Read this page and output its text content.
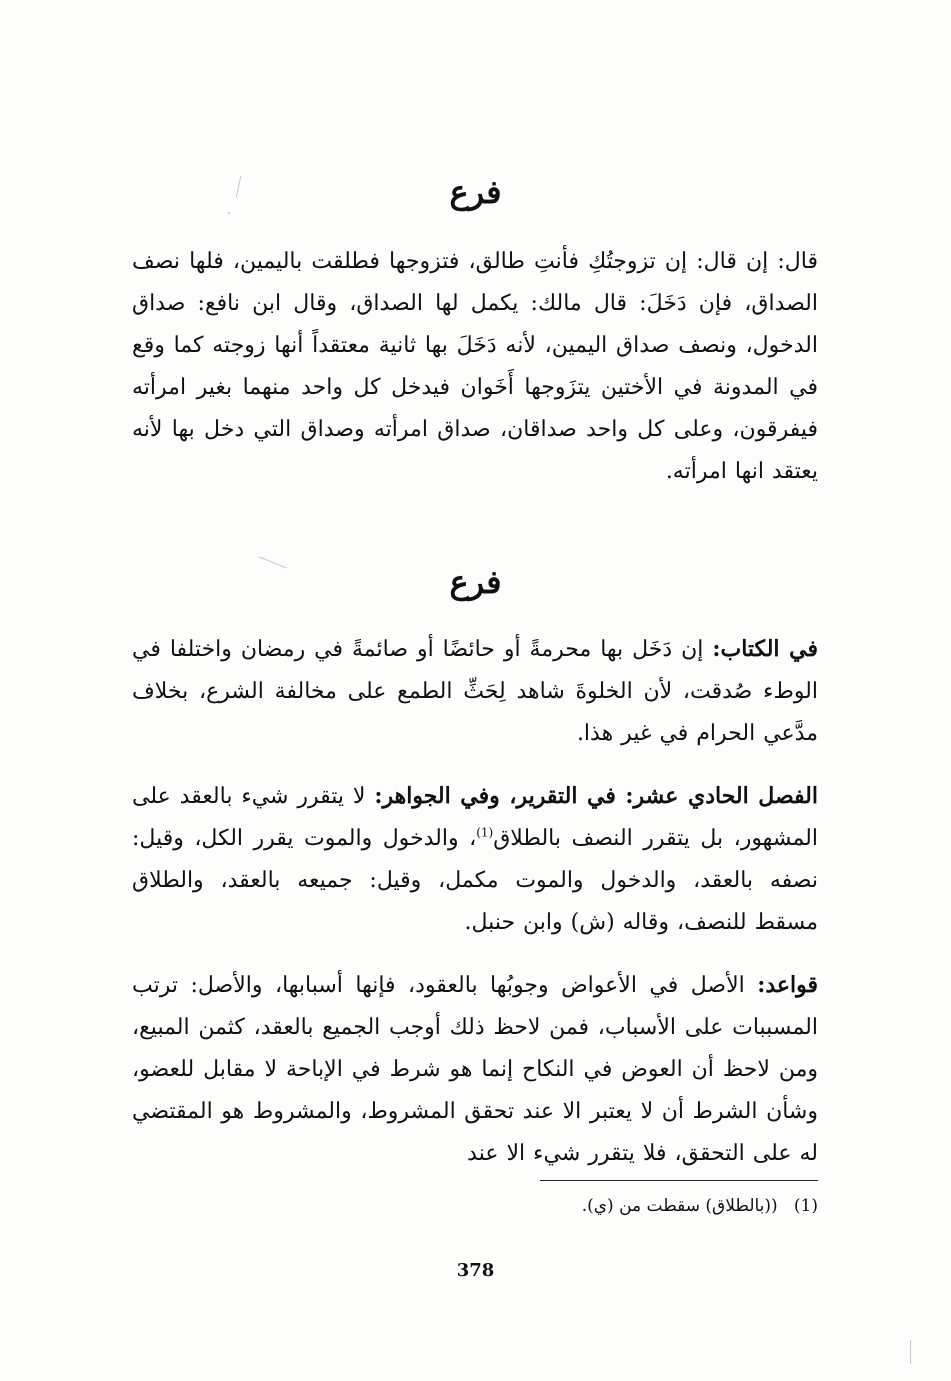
فرع

قال: إن قال: إن تزوجتُكِ فأنتِ طالق، فتزوجها فطلقت باليمين، فلها نصف الصداق، فإن دَخَلَ: قال مالك: يكمل لها الصداق، وقال ابن نافع: صداق الدخول، ونصف صداق اليمين، لأنه دَخَلَ بها ثانية معتقداً أنها زوجته كما وقع في المدونة في الأختين يتزَوجها أَخَوان فيدخل كل واحد منهما بغير امرأته فيفرقون، وعلى كل واحد صداقان، صداق امرأته وصداق التي دخل بها لأنه يعتقد انها امرأته.

فرع

في الكتاب: إن دَخَل بها محرمةً أو حائضًا أو صائمةً في رمضان واختلفا في الوطء صُدقت، لأن الخلوةَ شاهد لِحَثِّ الطمع على مخالفة الشرع، بخلاف مدَّعي الحرام في غير هذا.

الفصل الحادي عشر: في التقرير، وفي الجواهر: لا يتقرر شيء بالعقد على المشهور، بل يتقرر النصف بالطلاق$^{(1)}$، والدخول والموت يقرر الكل، وقيل: نصفه بالعقد، والدخول والموت مكمل، وقيل: جميعه بالعقد، والطلاق مسقط للنصف، وقاله (ش) وابن حنبل.

قواعد: الأصل في الأعواض وجوبُها بالعقود، فإنها أسبابها، والأصل: ترتب المسببات على الأسباب، فمن لاحظ ذلك أوجب الجميع بالعقد، كثمن المبيع، ومن لاحظ أن العوض في النكاح إنما هو شرط في الإباحة لا مقابل للعضو، وشأن الشرط أن لا يعتبر الا عند تحقق المشروط، والمشروط هو المقتضي له على التحقق، فلا يتقرر شيء الا عند

(1)   ((بالطلاق) سقطت من (ي).
378
